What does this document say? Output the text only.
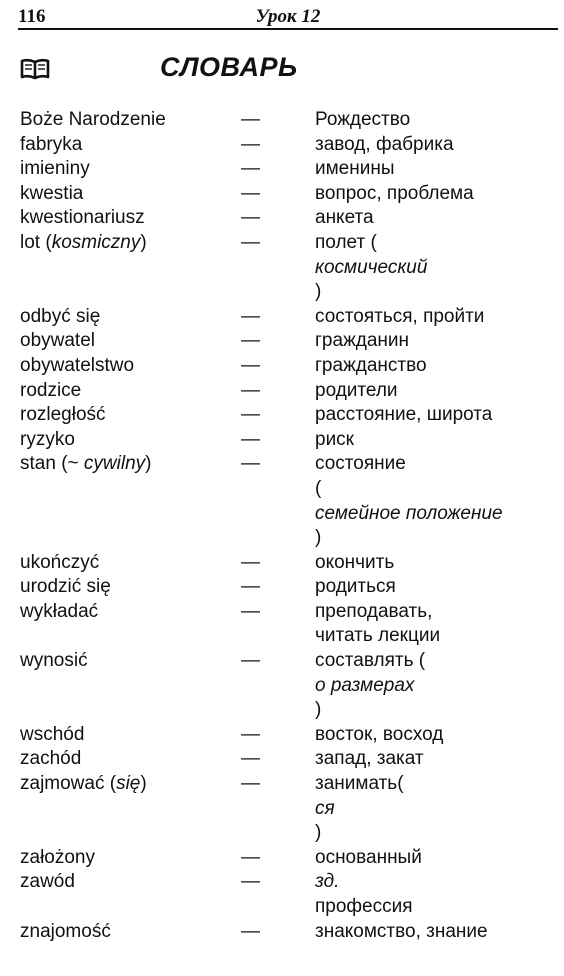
116	Урок 12
СЛОВАРЬ
Boże Narodzenie	—	Рождество
fabryka	—	завод, фабрика
imieniny	—	именины
kwestia	—	вопрос, проблема
kwestionariusz	—	анкета
lot (kosmiczny)	—	полет (
космический
)
odbyć się	—	состояться, пройти
obywatel	—	гражданин
obywatelstwo	—	гражданство
rodzice	—	родители
rozległość	—	расстояние, широта
ryzyko	—	риск
stan (~ cywilny)	—	состояние
(
семейное положение
)
ukończyć	—	окончить
urodzić się	—	родиться
wykładać	—	преподавать,
читать лекции
wynosić	—	составлять (
о размерах
)
wschód	—	восток, восход
zachód	—	запад, закат
zajmować (się)	—	занимать(
ся
)
założony	—	основанный
zawód	—	зд.
профессия
znajomość	—	знакомство, знание
